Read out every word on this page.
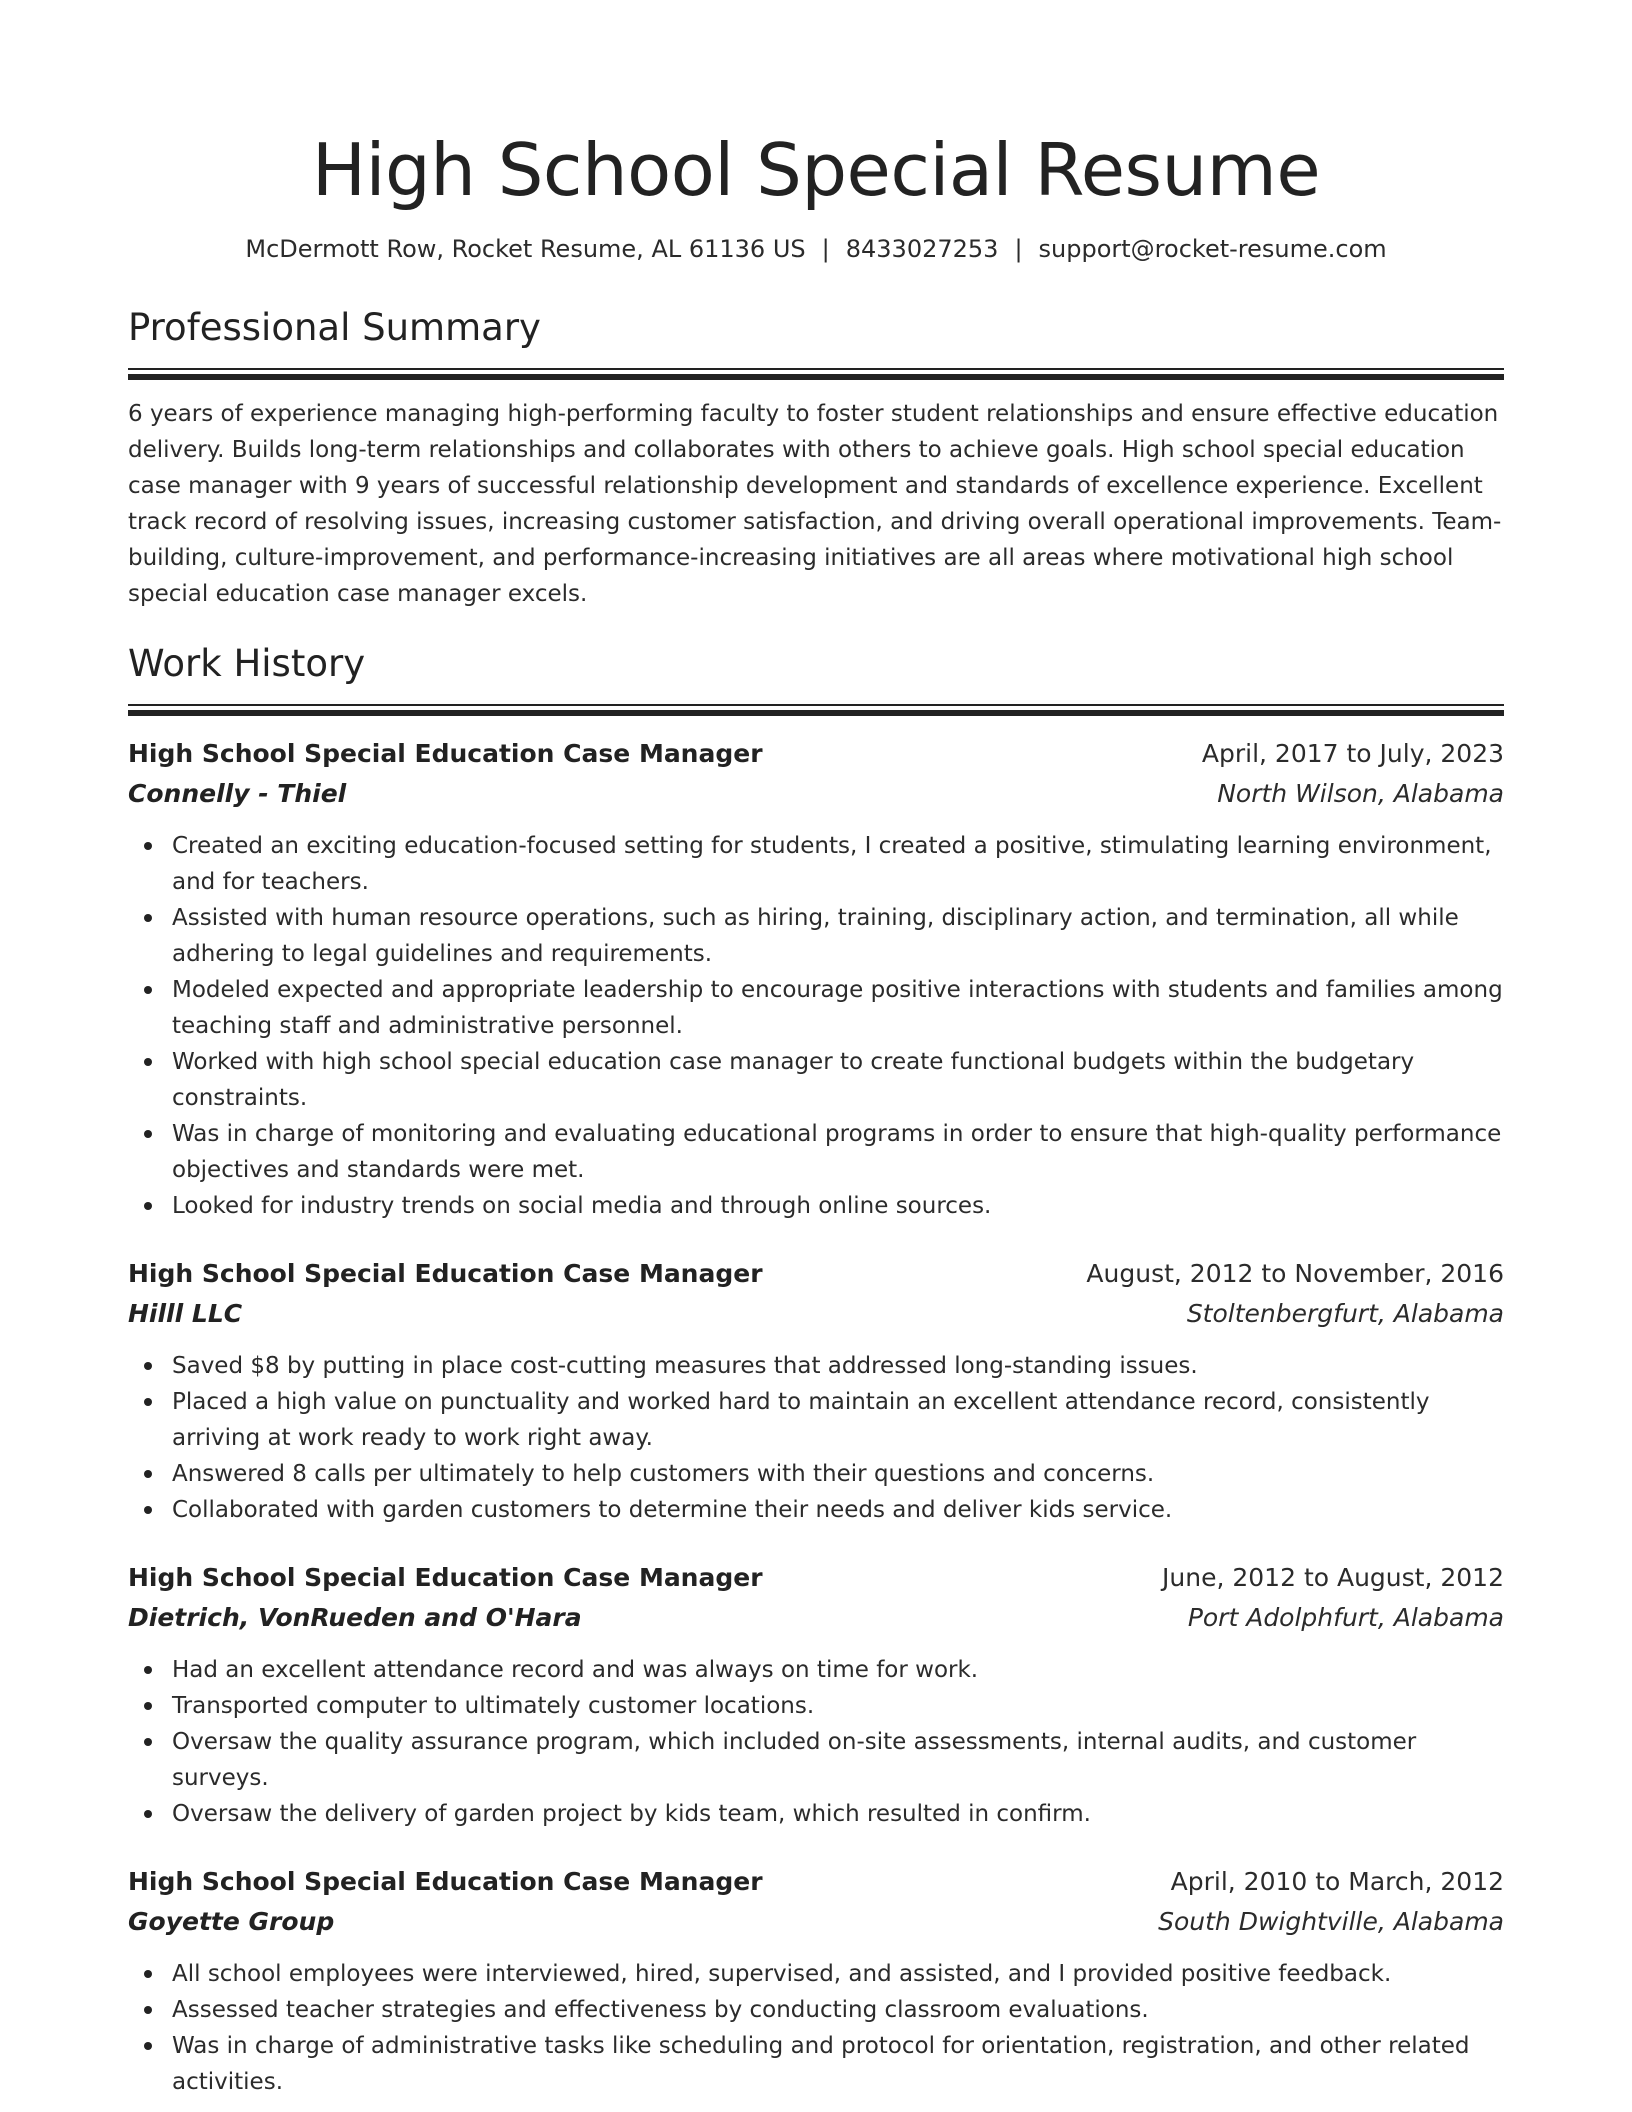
High School Special Resume
McDermott Row, Rocket Resume, AL 61136 US | 8433027253 | support@rocket-resume.com
Professional Summary
6 years of experience managing high-performing faculty to foster student relationships and ensure effective education delivery. Builds long-term relationships and collaborates with others to achieve goals. High school special education case manager with 9 years of successful relationship development and standards of excellence experience. Excellent track record of resolving issues, increasing customer satisfaction, and driving overall operational improvements. Team-building, culture-improvement, and performance-increasing initiatives are all areas where motivational high school special education case manager excels.
Work History
High School Special Education Case Manager	April, 2017 to July, 2023
Connelly - Thiel	North Wilson, Alabama
Created an exciting education-focused setting for students, I created a positive, stimulating learning environment, and for teachers.
Assisted with human resource operations, such as hiring, training, disciplinary action, and termination, all while adhering to legal guidelines and requirements.
Modeled expected and appropriate leadership to encourage positive interactions with students and families among teaching staff and administrative personnel.
Worked with high school special education case manager to create functional budgets within the budgetary constraints.
Was in charge of monitoring and evaluating educational programs in order to ensure that high-quality performance objectives and standards were met.
Looked for industry trends on social media and through online sources.
High School Special Education Case Manager	August, 2012 to November, 2016
Hilll LLC	Stoltenbergfurt, Alabama
Saved $8 by putting in place cost-cutting measures that addressed long-standing issues.
Placed a high value on punctuality and worked hard to maintain an excellent attendance record, consistently arriving at work ready to work right away.
Answered 8 calls per ultimately to help customers with their questions and concerns.
Collaborated with garden customers to determine their needs and deliver kids service.
High School Special Education Case Manager	June, 2012 to August, 2012
Dietrich, VonRueden and O'Hara	Port Adolphfurt, Alabama
Had an excellent attendance record and was always on time for work.
Transported computer to ultimately customer locations.
Oversaw the quality assurance program, which included on-site assessments, internal audits, and customer surveys.
Oversaw the delivery of garden project by kids team, which resulted in confirm.
High School Special Education Case Manager	April, 2010 to March, 2012
Goyette Group	South Dwightville, Alabama
All school employees were interviewed, hired, supervised, and assisted, and I provided positive feedback.
Assessed teacher strategies and effectiveness by conducting classroom evaluations.
Was in charge of administrative tasks like scheduling and protocol for orientation, registration, and other related activities.
